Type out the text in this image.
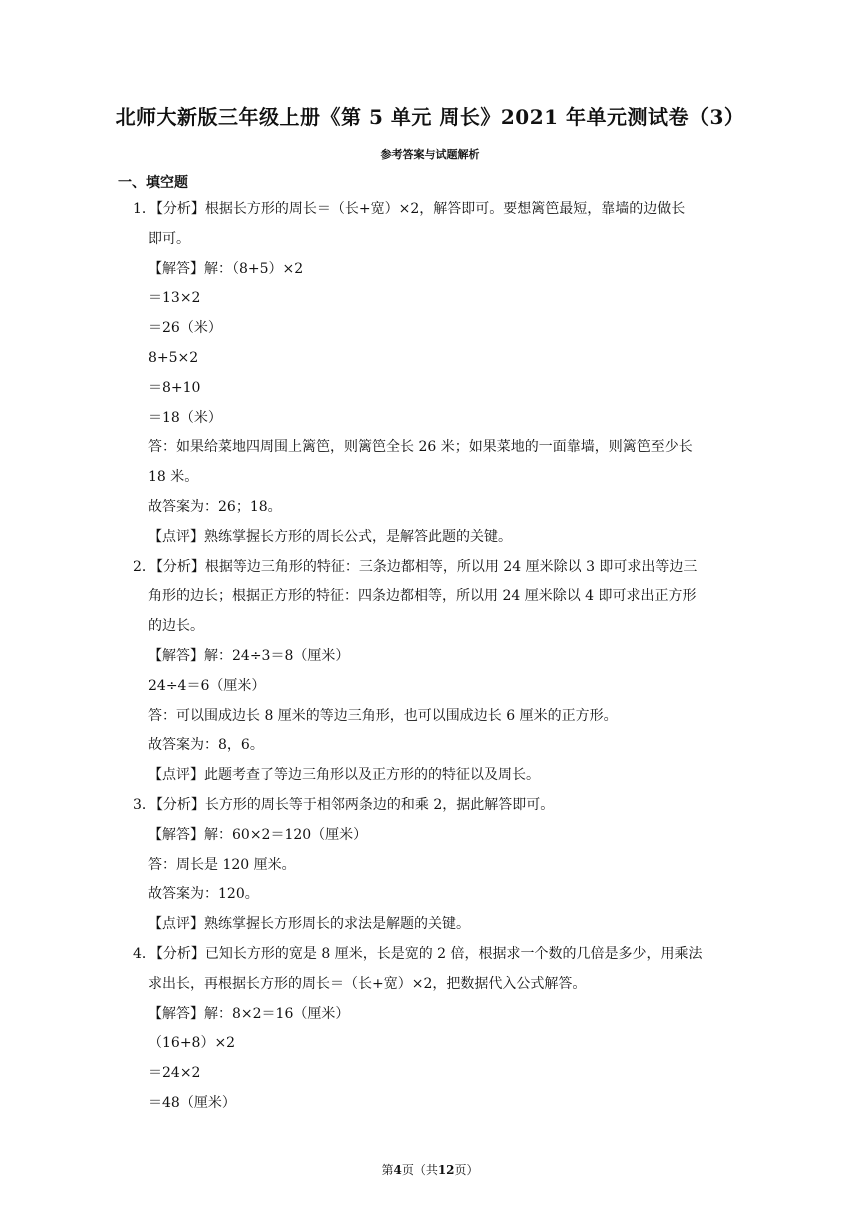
北师大新版三年级上册《第 5 单元 周长》2021 年单元测试卷（3）
参考答案与试题解析
一、填空题
1．【分析】根据长方形的周长＝（长+宽）×2，解答即可。要想篱笆最短，靠墙的边做长
即可。
【解答】解：（8+5）×2
＝13×2
＝26（米）
8+5×2
＝8+10
＝18（米）
答：如果给菜地四周围上篱笆，则篱笆全长 26 米；如果菜地的一面靠墙，则篱笆至少长
18 米。
故答案为：26；18。
【点评】熟练掌握长方形的周长公式，是解答此题的关键。
2．【分析】根据等边三角形的特征：三条边都相等，所以用 24 厘米除以 3 即可求出等边三
角形的边长；根据正方形的特征：四条边都相等，所以用 24 厘米除以 4 即可求出正方形
的边长。
【解答】解：24÷3＝8（厘米）
24÷4＝6（厘米）
答：可以围成边长 8 厘米的等边三角形，也可以围成边长 6 厘米的正方形。
故答案为：8，6。
【点评】此题考查了等边三角形以及正方形的的特征以及周长。
3．【分析】长方形的周长等于相邻两条边的和乘 2，据此解答即可。
【解答】解：60×2＝120（厘米）
答：周长是 120 厘米。
故答案为：120。
【点评】熟练掌握长方形周长的求法是解题的关键。
4．【分析】已知长方形的宽是 8 厘米，长是宽的 2 倍，根据求一个数的几倍是多少，用乘法
求出长，再根据长方形的周长＝（长+宽）×2，把数据代入公式解答。
【解答】解：8×2＝16（厘米）
（16+8）×2
＝24×2
＝48（厘米）
第4页（共12页）
